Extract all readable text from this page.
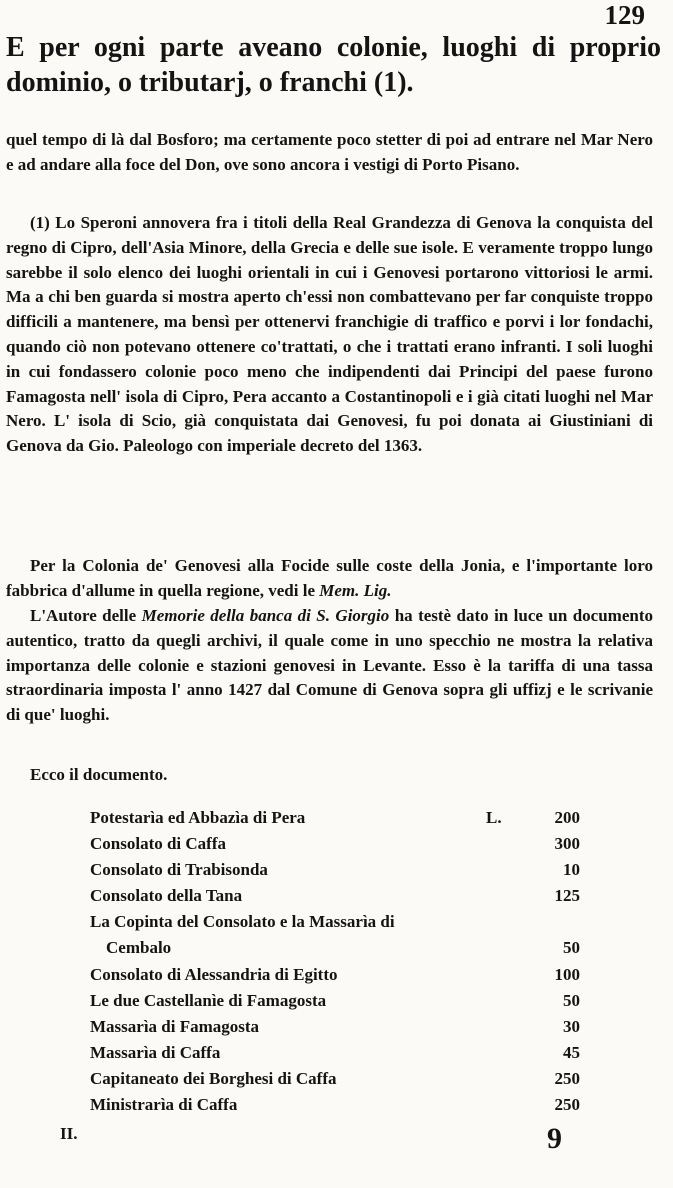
129
E per ogni parte aveano colonie, luoghi di proprio dominio, o tributarj, o franchi (1).

quel tempo di là dal Bosforo; ma certamente poco stetter di poi ad entrare nel Mar Nero e ad andare alla foce del Don, ove sono ancora i vestigi di Porto Pisano.

(1) Lo Speroni annovera fra i titoli della Real Grandezza di Genova la conquista del regno di Cipro, dell'Asia Minore, della Grecia e delle sue isole. E veramente troppo lungo sarebbe il solo elenco dei luoghi orientali in cui i Genovesi portarono vittoriosi le armi. Ma a chi ben guarda si mostra aperto ch'essi non combattevano per far conquiste troppo difficili a mantenere, ma bensì per ottenervi franchigie di traffico e porvi i lor fondachi, quando ciò non potevano ottenere co'trattati, o che i trattati erano infranti. I soli luoghi in cui fondassero colonie poco meno che indipendenti dai Principi del paese furono Famagosta nell' isola di Cipro, Pera accanto a Costantinopoli e i già citati luoghi nel Mar Nero. L' isola di Scio, già conquistata dai Genovesi, fu poi donata ai Giustiniani di Genova da Gio. Paleologo con imperiale decreto del 1363.

Per la Colonia de' Genovesi alla Focide sulle coste della Jonia, e l'importante loro fabbrica d'allume in quella regione, vedi le Mem. Lig.

L'Autore delle Memorie della banca di S. Giorgio ha testè dato in luce un documento autentico, tratto da quegli archivi, il quale come in uno specchio ne mostra la relativa importanza delle colonie e stazioni genovesi in Levante. Esso è la tariffa di una tassa straordinaria imposta l' anno 1427 dal Comune di Genova sopra gli uffizj e le scrivanie di que' luoghi.

Ecco il documento.

Potestarìa ed Abbazìa di Pera	L.	200
Consolato di Caffa	300
Consolato di Trabisonda	10
Consolato della Tana	125
La Copinta del Consolato e la Massarìa di
Cembalo	50
Consolato di Alessandria di Egitto	100
Le due Castellanìe di Famagosta	50
Massarìa di Famagosta	30
Massarìa di Caffa	45
Capitaneato dei Borghesi di Caffa	250
Ministrarìa di Caffa	250
II.	9
